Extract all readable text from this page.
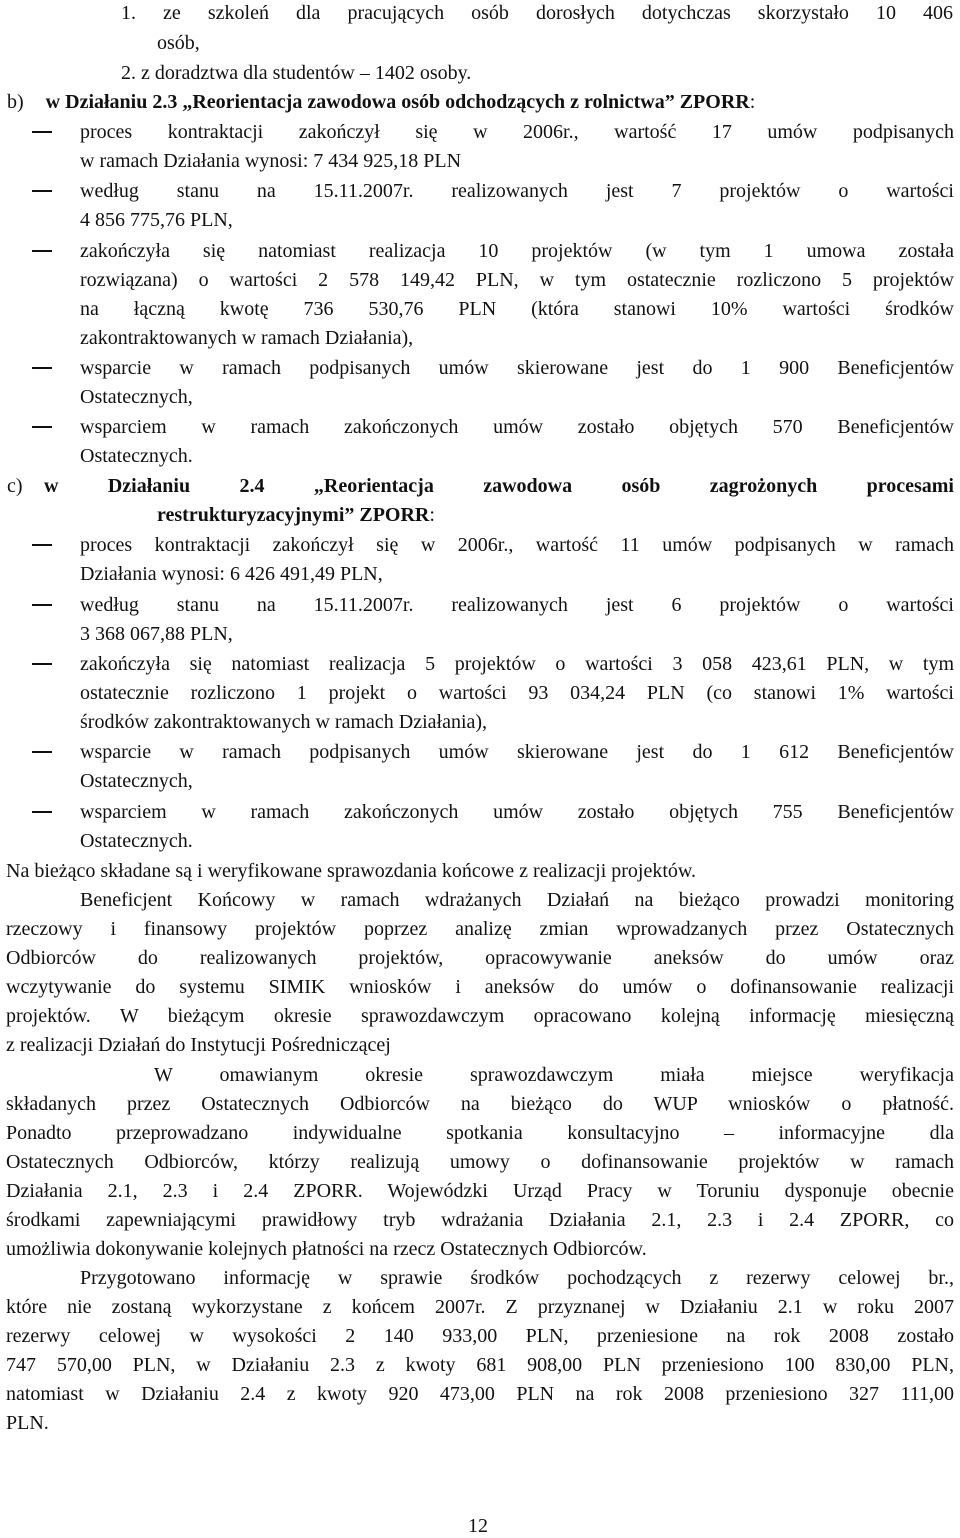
1. ze szkoleń dla pracujących osób dorosłych dotychczas skorzystało 10 406

osób,

2. z doradztwa dla studentów – 1402 osoby.

b) w Działaniu 2.3 „Reorientacja zawodowa osób odchodzących z rolnictwa” ZPORR:

proces kontraktacji zakończył się w 2006r., wartość 17 umów podpisanych

w ramach Działania wynosi: 7 434 925,18 PLN

według stanu na 15.11.2007r. realizowanych jest 7 projektów o wartości

4 856 775,76 PLN,

zakończyła się natomiast realizacja 10 projektów (w tym 1 umowa została

rozwiązana) o wartości 2 578 149,42 PLN, w tym ostatecznie rozliczono 5 projektów

na łączną kwotę 736 530,76 PLN (która stanowi 10% wartości środków

zakontraktowanych w ramach Działania),

wsparcie w ramach podpisanych umów skierowane jest do 1 900 Beneficjentów

Ostatecznych,

wsparciem w ramach zakończonych umów zostało objętych 570 Beneficjentów

Ostatecznych.

c) w Działaniu 2.4 „Reorientacja zawodowa osób zagrożonych procesami

restrukturyzacyjnymi” ZPORR:

proces kontraktacji zakończył się w 2006r., wartość 11 umów podpisanych w ramach

Działania wynosi: 6 426 491,49 PLN,

według stanu na 15.11.2007r. realizowanych jest 6 projektów o wartości

3 368 067,88 PLN,

zakończyła się natomiast realizacja 5 projektów o wartości 3 058 423,61 PLN, w tym

ostatecznie rozliczono 1 projekt o wartości 93 034,24 PLN (co stanowi 1% wartości

środków zakontraktowanych w ramach Działania),

wsparcie w ramach podpisanych umów skierowane jest do 1 612 Beneficjentów

Ostatecznych,

wsparciem w ramach zakończonych umów zostało objętych 755 Beneficjentów

Ostatecznych.

Na bieżąco składane są i weryfikowane sprawozdania końcowe z realizacji projektów.

Beneficjent Końcowy w ramach wdrażanych Działań na bieżąco prowadzi monitoring

rzeczowy i finansowy projektów poprzez analizę zmian wprowadzanych przez Ostatecznych

Odbiorców do realizowanych projektów, opracowywanie aneksów do umów oraz

wczytywanie do systemu SIMIK wniosków i aneksów do umów o dofinansowanie realizacji

projektów. W bieżącym okresie sprawozdawczym opracowano kolejną informację miesięczną

z realizacji Działań do Instytucji Pośredniczącej

W omawianym okresie sprawozdawczym miała miejsce weryfikacja

składanych przez Ostatecznych Odbiorców na bieżąco do WUP wniosków o płatność.

Ponadto przeprowadzano indywidualne spotkania konsultacyjno – informacyjne dla

Ostatecznych Odbiorców, którzy realizują umowy o dofinansowanie projektów w ramach

Działania 2.1, 2.3 i 2.4 ZPORR. Wojewódzki Urząd Pracy w Toruniu dysponuje obecnie

środkami zapewniającymi prawidłowy tryb wdrażania Działania 2.1, 2.3 i 2.4 ZPORR, co

umożliwia dokonywanie kolejnych płatności na rzecz Ostatecznych Odbiorców.

Przygotowano informację w sprawie środków pochodzących z rezerwy celowej br.,

które nie zostaną wykorzystane z końcem 2007r. Z przyznanej w Działaniu 2.1 w roku 2007

rezerwy celowej w wysokości 2 140 933,00 PLN, przeniesione na rok 2008 zostało

747 570,00 PLN, w Działaniu 2.3 z kwoty 681 908,00 PLN przeniesiono 100 830,00 PLN,

natomiast w Działaniu 2.4 z kwoty 920 473,00 PLN na rok 2008 przeniesiono 327 111,00

PLN.

12
